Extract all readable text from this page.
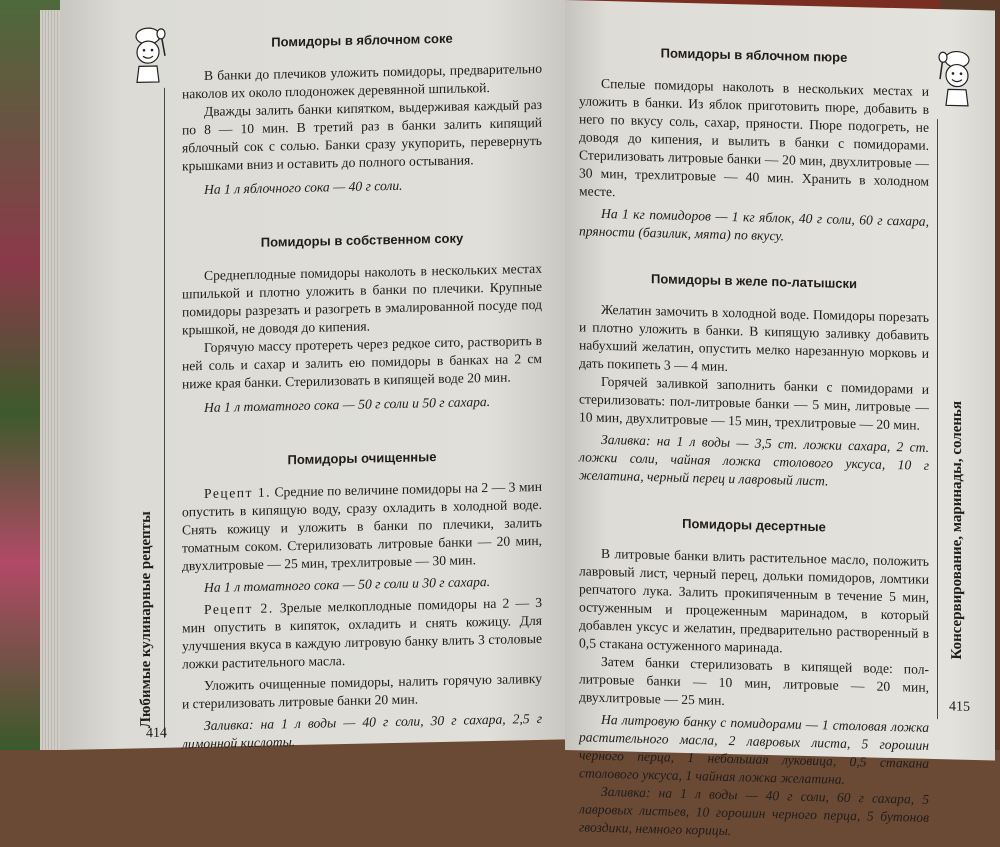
Любимые кулинарные рецепты
414
Помидоры в яблочном соке

В банки до плечиков уложить помидоры, предварительно наколов их около плодоножек деревянной шпилькой.

Дважды залить банки кипятком, выдерживая каждый раз по 8 — 10 мин. В третий раз в банки залить кипящий яблочный сок с солью. Банки сразу укупорить, перевернуть крышками вниз и оставить до полного остывания.

На 1 л яблочного сока — 40 г соли.

Помидоры в собственном соку

Среднеплодные помидоры наколоть в нескольких местах шпилькой и плотно уложить в банки по плечики. Крупные помидоры разрезать и разогреть в эмалированной посуде под крышкой, не доводя до кипения.

Горячую массу протереть через редкое сито, растворить в ней соль и сахар и залить ею помидоры в банках на 2 см ниже края банки. Стерилизовать в кипящей воде 20 мин.

На 1 л томатного сока — 50 г соли и 50 г сахара.

Помидоры очищенные

Рецепт 1. Средние по величине помидоры на 2 — 3 мин опустить в кипящую воду, сразу охладить в холодной воде. Снять кожицу и уложить в банки по плечики, залить томатным соком. Стерилизовать литровые банки — 20 мин, двухлитровые — 25 мин, трехлитровые — 30 мин.

На 1 л томатного сока — 50 г соли и 30 г сахара.

Рецепт 2. Зрелые мелкоплодные помидоры на 2 — 3 мин опустить в кипяток, охладить и снять кожицу. Для улучшения вкуса в каждую литровую банку влить 3 столовые ложки растительного масла.

Уложить очищенные помидоры, налить горячую заливку и стерилизовать литровые банки 20 мин.

Заливка: на 1 л воды — 40 г соли, 30 г сахара, 2,5 г лимонной кислоты.

Консервирование, маринады, соленья
415
Помидоры в яблочном пюре

Спелые помидоры наколоть в нескольких местах и уложить в банки. Из яблок приготовить пюре, добавить в него по вкусу соль, сахар, пряности. Пюре подогреть, не доводя до кипения, и вылить в банки с помидорами. Стерилизовать литровые банки — 20 мин, двухлитровые — 30 мин, трехлитровые — 40 мин. Хранить в холодном месте.

На 1 кг помидоров — 1 кг яблок, 40 г соли, 60 г сахара, пряности (базилик, мята) по вкусу.

Помидоры в желе по-латышски

Желатин замочить в холодной воде. Помидоры порезать и плотно уложить в банки. В кипящую заливку добавить набухший желатин, опустить мелко нарезанную морковь и дать покипеть 3 — 4 мин.

Горячей заливкой заполнить банки с помидорами и стерилизовать: пол-литровые банки — 5 мин, литровые — 10 мин, двухлитровые — 15 мин, трехлитровые — 20 мин.

Заливка: на 1 л воды — 3,5 ст. ложки сахара, 2 ст. ложки соли, чайная ложка столового уксуса, 10 г желатина, черный перец и лавровый лист.

Помидоры десертные

В литровые банки влить растительное масло, положить лавровый лист, черный перец, дольки помидоров, ломтики репчатого лука. Залить прокипяченным в течение 5 мин, остуженным и процеженным маринадом, в который добавлен уксус и желатин, предварительно растворенный в 0,5 стакана остуженного маринада.

Затем банки стерилизовать в кипящей воде: пол-литровые банки — 10 мин, литровые — 20 мин, двухлитровые — 25 мин.

На литровую банку с помидорами — 1 столовая ложка растительного масла, 2 лавровых листа, 5 горошин черного перца, 1 небольшая луковица, 0,5 стакана столового уксуса, 1 чайная ложка желатина.

Заливка: на 1 л воды — 40 г соли, 60 г сахара, 5 лавровых листьев, 10 горошин черного перца, 5 бутонов гвоздики, немного корицы.
